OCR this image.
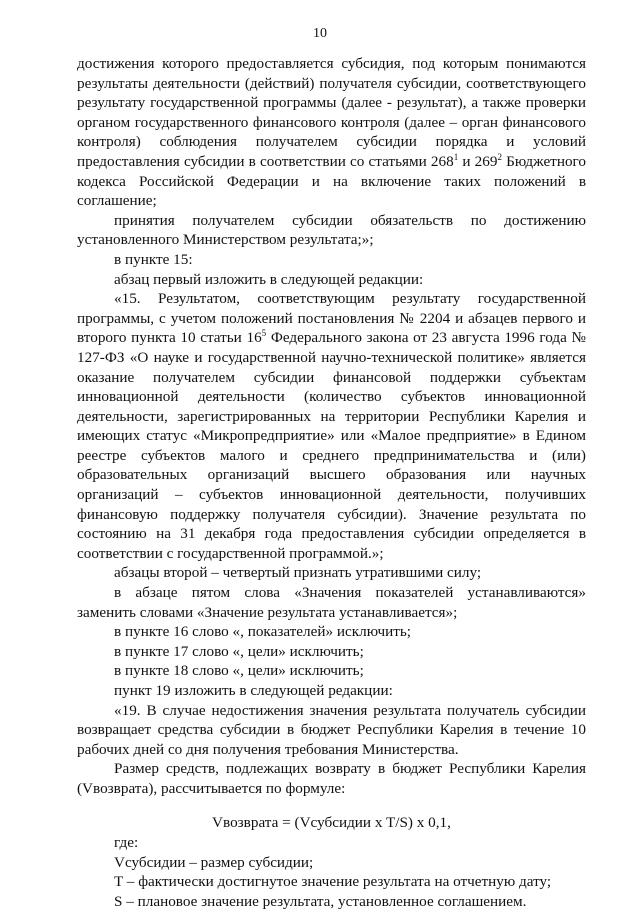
10

достижения которого предоставляется субсидия, под которым понимаются результаты деятельности (действий) получателя субсидии, соответствующего результату государственной программы (далее - результат), а также проверки органом государственного финансового контроля (далее – орган финансового контроля) соблюдения получателем субсидии порядка и условий предоставления субсидии в соответствии со статьями $268^1$ и $269^2$ Бюджетного кодекса Российской Федерации и на включение таких положений в соглашение;

принятия получателем субсидии обязательств по достижению установленного Министерством результата;»;

в пункте 15:

абзац первый изложить в следующей редакции:

«15. Результатом, соответствующим результату государственной программы, с учетом положений постановления № 2204 и абзацев первого и второго пункта 10 статьи $16^5$ Федерального закона от 23 августа 1996 года № 127-ФЗ «О науке и государственной научно-технической политике» является оказание получателем субсидии финансовой поддержки субъектам инновационной деятельности (количество субъектов инновационной деятельности, зарегистрированных на территории Республики Карелия и имеющих статус «Микропредприятие» или «Малое предприятие» в Едином реестре субъектов малого и среднего предпринимательства и (или) образовательных организаций высшего образования или научных организаций – субъектов инновационной деятельности, получивших финансовую поддержку получателя субсидии). Значение результата по состоянию на 31 декабря года предоставления субсидии определяется в соответствии с государственной программой.»;

абзацы второй – четвертый признать утратившими силу;

в абзаце пятом слова «Значения показателей устанавливаются» заменить словами «Значение результата устанавливается»;

в пункте 16 слово «, показателей» исключить;

в пункте 17 слово «, цели» исключить;

в пункте 18 слово «, цели» исключить;

пункт 19 изложить в следующей редакции:

«19. В случае недостижения значения результата получатель субсидии возвращает средства субсидии в бюджет Республики Карелия в течение 10 рабочих дней со дня получения требования Министерства.

Размер средств, подлежащих возврату в бюджет Республики Карелия (Vвозврата), рассчитывается по формуле:

Vвозврата = (Vсубсидии x T/S) x 0,1,

где:

Vсубсидии – размер субсидии;

T – фактически достигнутое значение результата на отчетную дату;

S – плановое значение результата, установленное соглашением.
